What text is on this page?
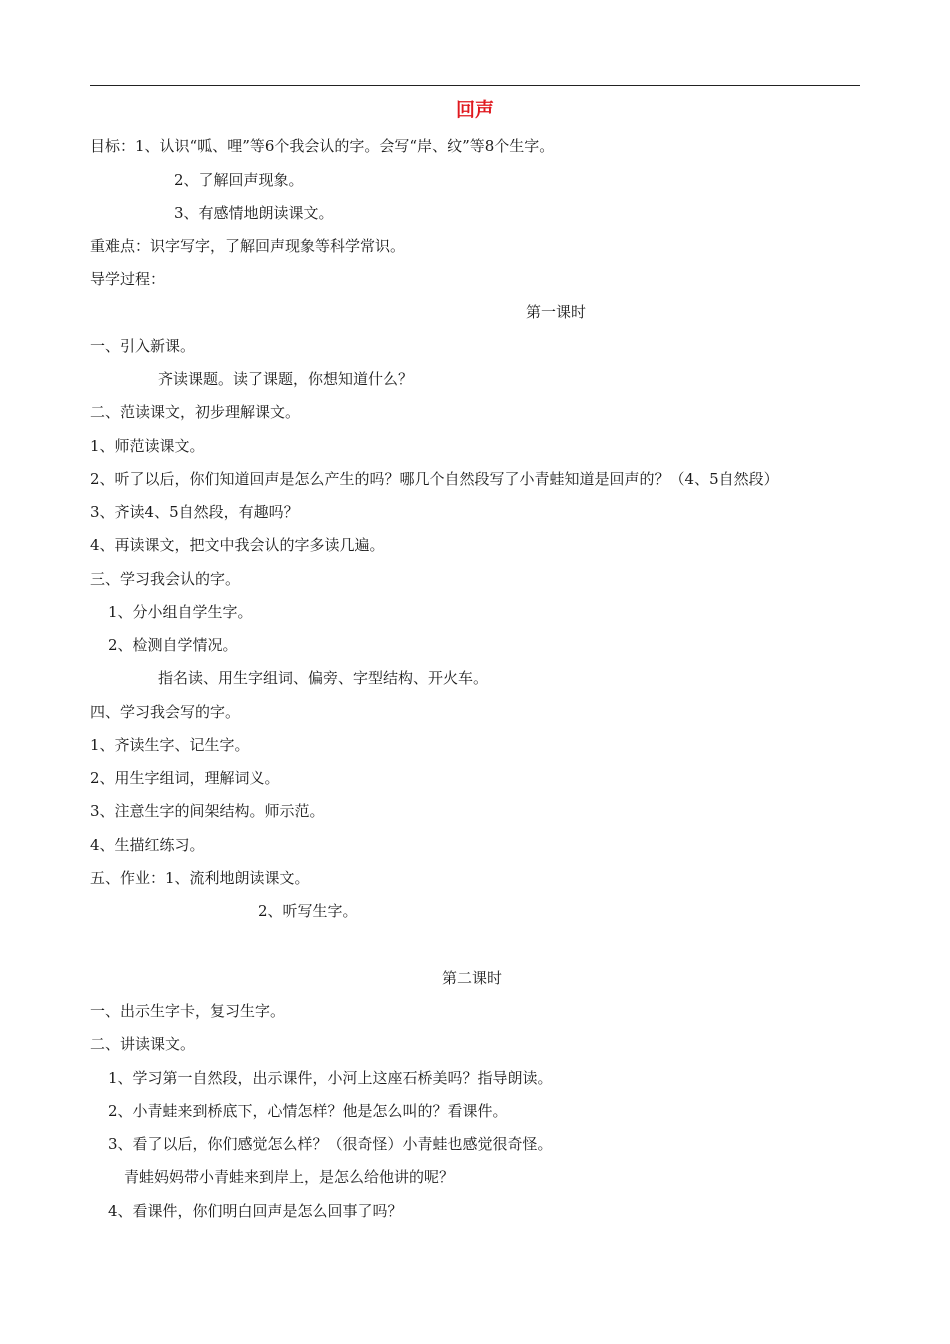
回声
目标：1、认识“呱、哩”等6个我会认的字。会写“岸、纹”等8个生字。
2、了解回声现象。
3、有感情地朗读课文。
重难点：识字写字，了解回声现象等科学常识。
导学过程：
第一课时
一、引入新课。
齐读课题。读了课题，你想知道什么？
二、范读课文，初步理解课文。
1、师范读课文。
2、听了以后，你们知道回声是怎么产生的吗？哪几个自然段写了小青蛙知道是回声的？（4、5自然段）
3、齐读4、5自然段，有趣吗？
4、再读课文，把文中我会认的字多读几遍。
三、学习我会认的字。
1、分小组自学生字。
2、检测自学情况。
指名读、用生字组词、偏旁、字型结构、开火车。
四、学习我会写的字。
1、齐读生字、记生字。
2、用生字组词，理解词义。
3、注意生字的间架结构。师示范。
4、生描红练习。
五、作业：1、流利地朗读课文。
2、听写生字。
第二课时
一、出示生字卡，复习生字。
二、讲读课文。
1、学习第一自然段，出示课件，小河上这座石桥美吗？指导朗读。
2、小青蛙来到桥底下，心情怎样？他是怎么叫的？看课件。
3、看了以后，你们感觉怎么样？（很奇怪）小青蛙也感觉很奇怪。
青蛙妈妈带小青蛙来到岸上，是怎么给他讲的呢？
4、看课件，你们明白回声是怎么回事了吗？
